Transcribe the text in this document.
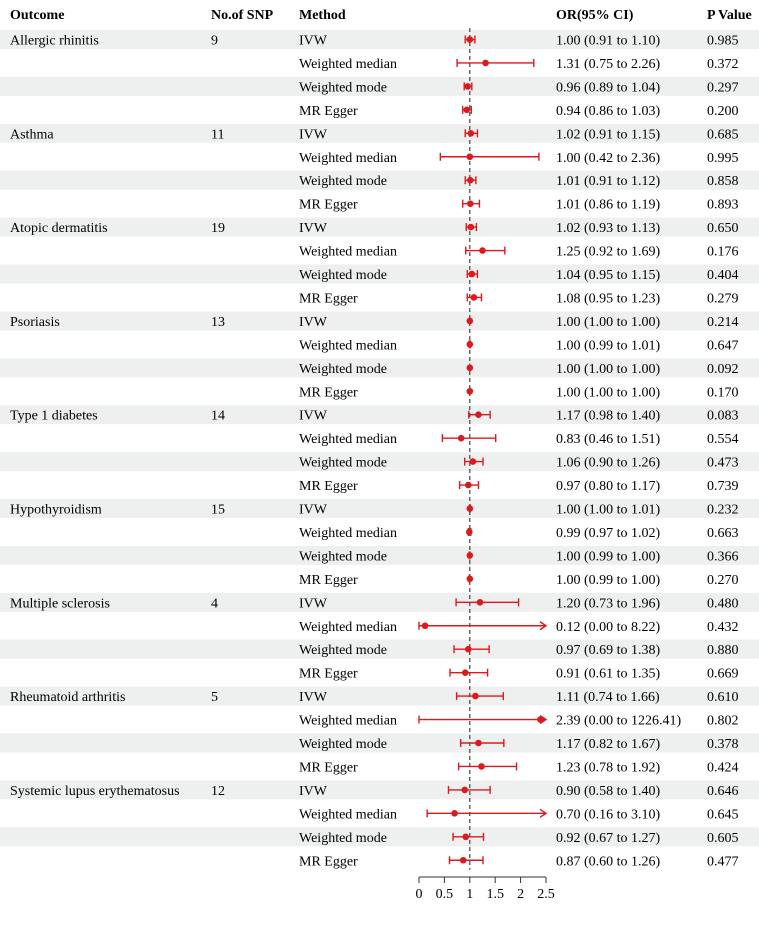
Outcome	No.of SNP Method	OR(95% CI)	P Value
Allergic rhinitis	9	IVW	1.00 (0.91 to 1.10)	0.985
Weighted median	1.31 (0.75 to 2.26)	0.372
Weighted mode	0.96 (0.89 to 1.04)	0.297
MR Egger	0.94 (0.86 to 1.03)	0.200
Asthma	11	IVW	1.02 (0.91 to 1.15)	0.685
Weighted median	1.00 (0.42 to 2.36)	0.995
Weighted mode	1.01 (0.91 to 1.12)	0.858
MR Egger	1.01 (0.86 to 1.19)	0.893
Atopic dermatitis	19	IVW	1.02 (0.93 to 1.13)	0.650
Weighted median	1.25 (0.92 to 1.69)	0.176
Weighted mode	1.04 (0.95 to 1.15)	0.404
MR Egger	1.08 (0.95 to 1.23)	0.279
Psoriasis	13	IVW	1.00 (1.00 to 1.00)	0.214
Weighted median	1.00 (0.99 to 1.01)	0.647
Weighted mode	1.00 (1.00 to 1.00)	0.092
MR Egger	1.00 (1.00 to 1.00)	0.170
Type 1 diabetes	14	IVW	1.17 (0.98 to 1.40)	0.083
Weighted median	0.83 (0.46 to 1.51)	0.554
Weighted mode	1.06 (0.90 to 1.26)	0.473
MR Egger	0.97 (0.80 to 1.17)	0.739
Hypothyroidism	15	IVW	1.00 (1.00 to 1.01)	0.232
Weighted median	0.99 (0.97 to 1.02)	0.663
Weighted mode	1.00 (0.99 to 1.00)	0.366
MR Egger	1.00 (0.99 to 1.00)	0.270
Multiple sclerosis	4	IVW	1.20 (0.73 to 1.96)	0.480
Weighted median	0.12 (0.00 to 8.22)	0.432
Weighted mode	0.97 (0.69 to 1.38)	0.880
MR Egger	0.91 (0.61 to 1.35)	0.669
Rheumatoid arthritis	5	IVW	1.11 (0.74 to 1.66)	0.610
Weighted median	2.39 (0.00 to 1226.41) 0.802
Weighted mode	1.17 (0.82 to 1.67)	0.378
MR Egger	1.23 (0.78 to 1.92)	0.424
Systemic lupus erythematosus 12	IVW	0.90 (0.58 to 1.40)	0.646
Weighted median	0.70 (0.16 to 3.10)	0.645
Weighted mode	0.92 (0.67 to 1.27)	0.605
MR Egger	0.87 (0.60 to 1.26)	0.477
0 0.5 1 1.5 2 2.5
